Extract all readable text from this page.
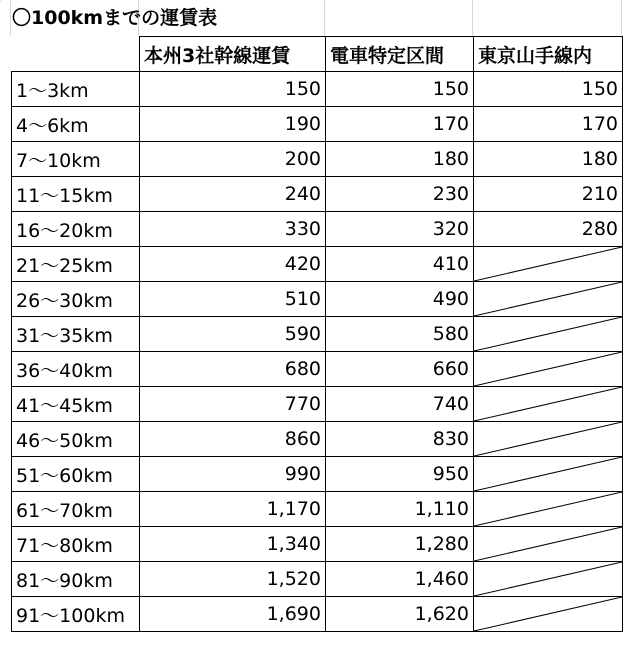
〇100kmまでの運賃表
	本州3社幹線運賃	電車特定区間	東京山手線内
1～3km	150	150	150
4～6km	190	170	170
7～10km	200	180	180
11～15km	240	230	210
16～20km	330	320	280
21～25km	420	410	

26～30km	510	490	

31～35km	590	580	

36～40km	680	660	

41～45km	770	740	

46～50km	860	830	

51～60km	990	950	

61～70km	1,170	1,110	

71～80km	1,340	1,280	

81～90km	1,520	1,460	

91～100km	1,690	1,620	
